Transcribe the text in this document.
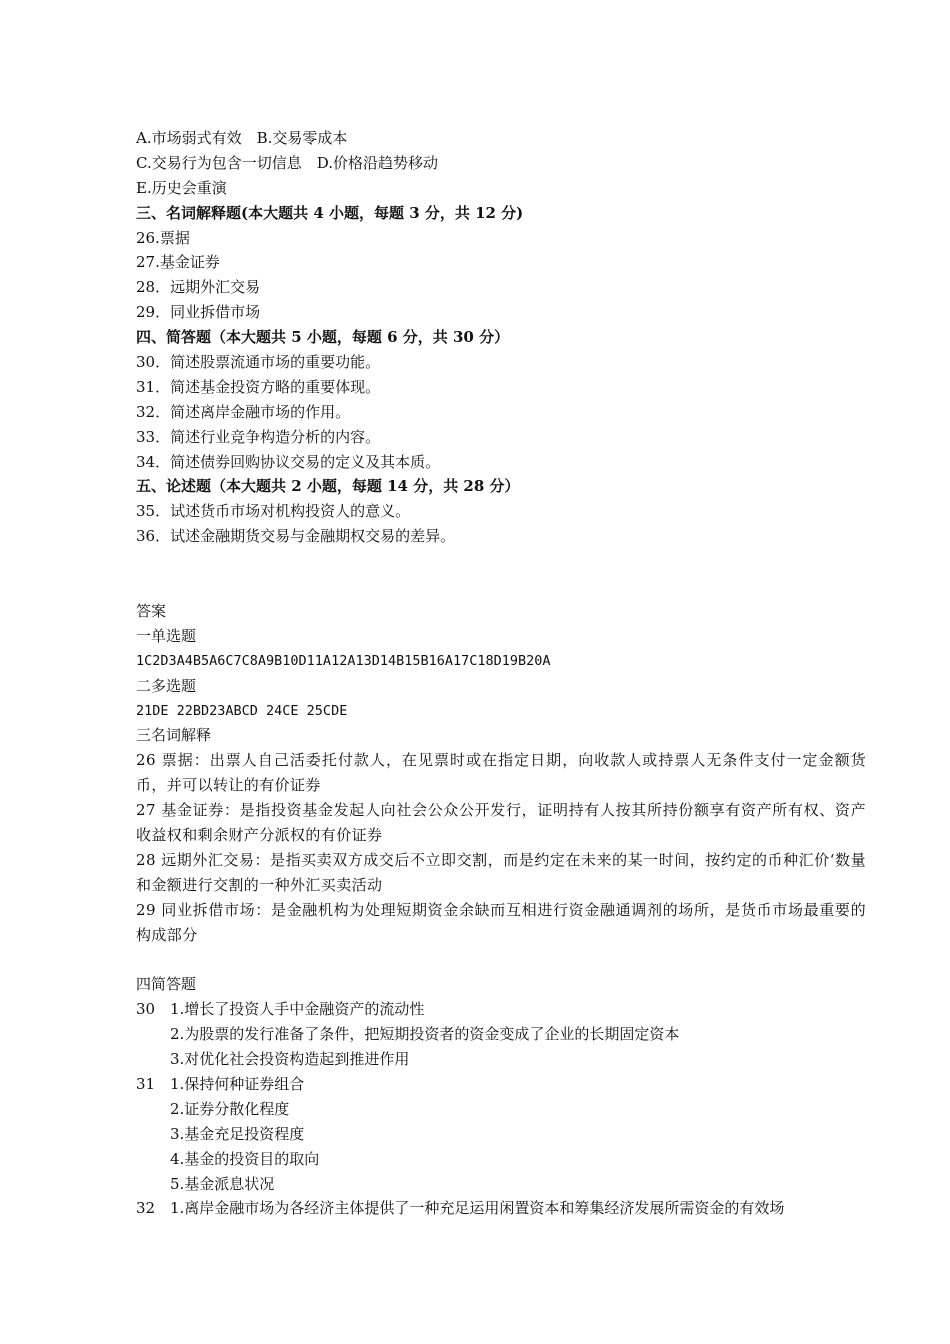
A.市场弱式有效　B.交易零成本
C.交易行为包含一切信息　D.价格沿趋势移动
E.历史会重演
三、名词解释题(本大题共 4 小题，每题 3 分，共 12 分)
26.票据
27.基金证券
28．远期外汇交易
29．同业拆借市场
四、简答题（本大题共 5 小题，每题 6 分，共 30 分）
30．简述股票流通市场的重要功能。
31．简述基金投资方略的重要体现。
32．简述离岸金融市场的作用。
33．简述行业竞争构造分析的内容。
34．简述债券回购协议交易的定义及其本质。
五、论述题（本大题共 2 小题，每题 14 分，共 28 分）
35．试述货币市场对机构投资人的意义。
36．试述金融期货交易与金融期权交易的差异。
答案
一单选题
1C2D3A4B5A6C7C8A9B10D11A12A13D14B15B16A17C18D19B20A
二多选题
21DE 22BD23ABCD 24CE 25CDE
三名词解释
26 票据：出票人自己活委托付款人，在见票时或在指定日期，向收款人或持票人无条件支付一定金额货币，并可以转让的有价证券
27 基金证券：是指投资基金发起人向社会公众公开发行，证明持有人按其所持份额享有资产所有权、资产收益权和剩余财产分派权的有价证券
28 远期外汇交易：是指买卖双方成交后不立即交割，而是约定在未来的某一时间，按约定的币种汇价‘数量和金额进行交割的一种外汇买卖活动
29 同业拆借市场：是金融机构为处理短期资金余缺而互相进行资金融通调剂的场所，是货币市场最重要的构成部分
四简答题
30 1.增长了投资人手中金融资产的流动性
2.为股票的发行准备了条件，把短期投资者的资金变成了企业的长期固定资本
3.对优化社会投资构造起到推进作用
31 1.保持何种证券组合
2.证券分散化程度
3.基金充足投资程度
4.基金的投资目的取向
5.基金派息状况
32 1.离岸金融市场为各经济主体提供了一种充足运用闲置资本和筹集经济发展所需资金的有效场
